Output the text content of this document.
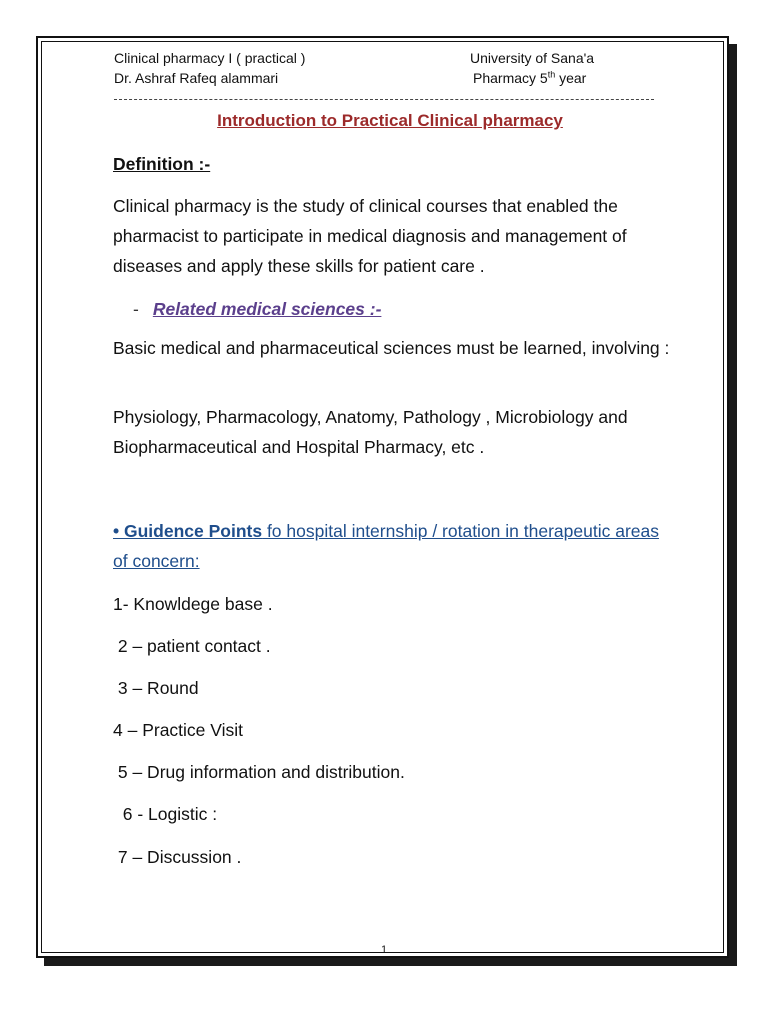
Clinical pharmacy I ( practical )
Dr. Ashraf Rafeq alammari
University of Sana'a
Pharmacy 5th year
Introduction to Practical Clinical pharmacy
Definition :-
Clinical pharmacy is the study of clinical courses that enabled the pharmacist to participate in medical diagnosis and management of diseases and apply these skills for patient care .
- Related medical sciences :-
Basic medical and pharmaceutical sciences must be learned, involving :
Physiology, Pharmacology, Anatomy, Pathology , Microbiology and Biopharmaceutical and Hospital Pharmacy, etc .
• Guidence Points fo hospital internship / rotation in therapeutic areas of concern:
1- Knowldege base .
2 – patient contact .
3 – Round
4 – Practice Visit
5 – Drug information and distribution.
6 - Logistic :
7 – Discussion .
1
